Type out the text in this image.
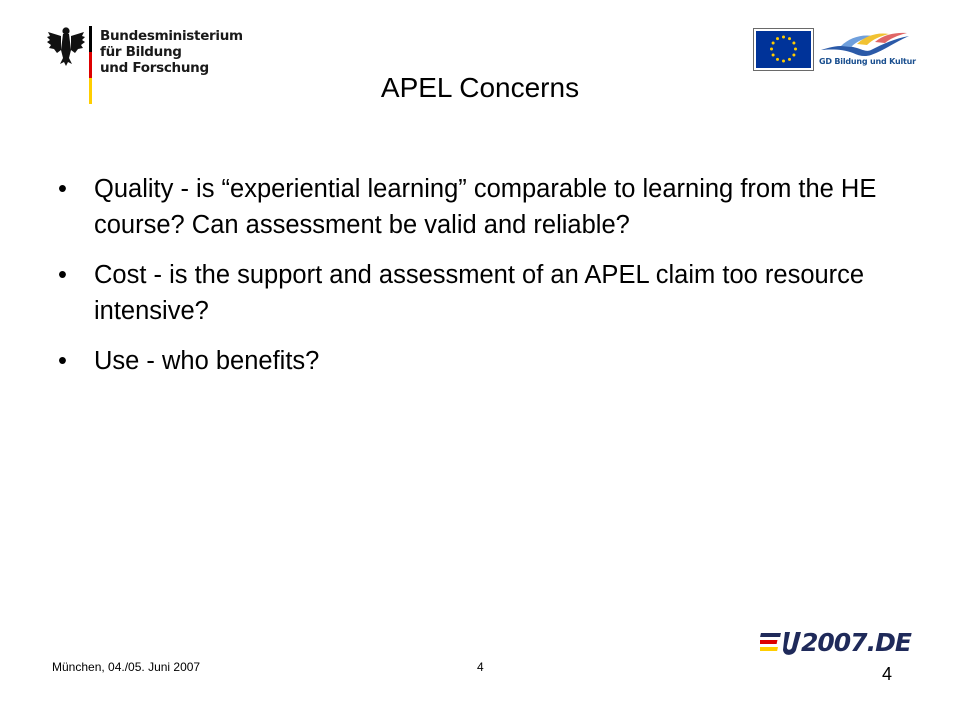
Bundesministerium
für Bildung
und Forschung	GD Bildung und Kultur
APEL Concerns
• Quality - is “experiential learning” comparable to learning from the HE course? Can assessment be valid and reliable?
• Cost - is the support and assessment of an APEL claim too resource intensive?
• Use - who benefits?
2007.DE
München, 04./05. Juni 2007	4	4
